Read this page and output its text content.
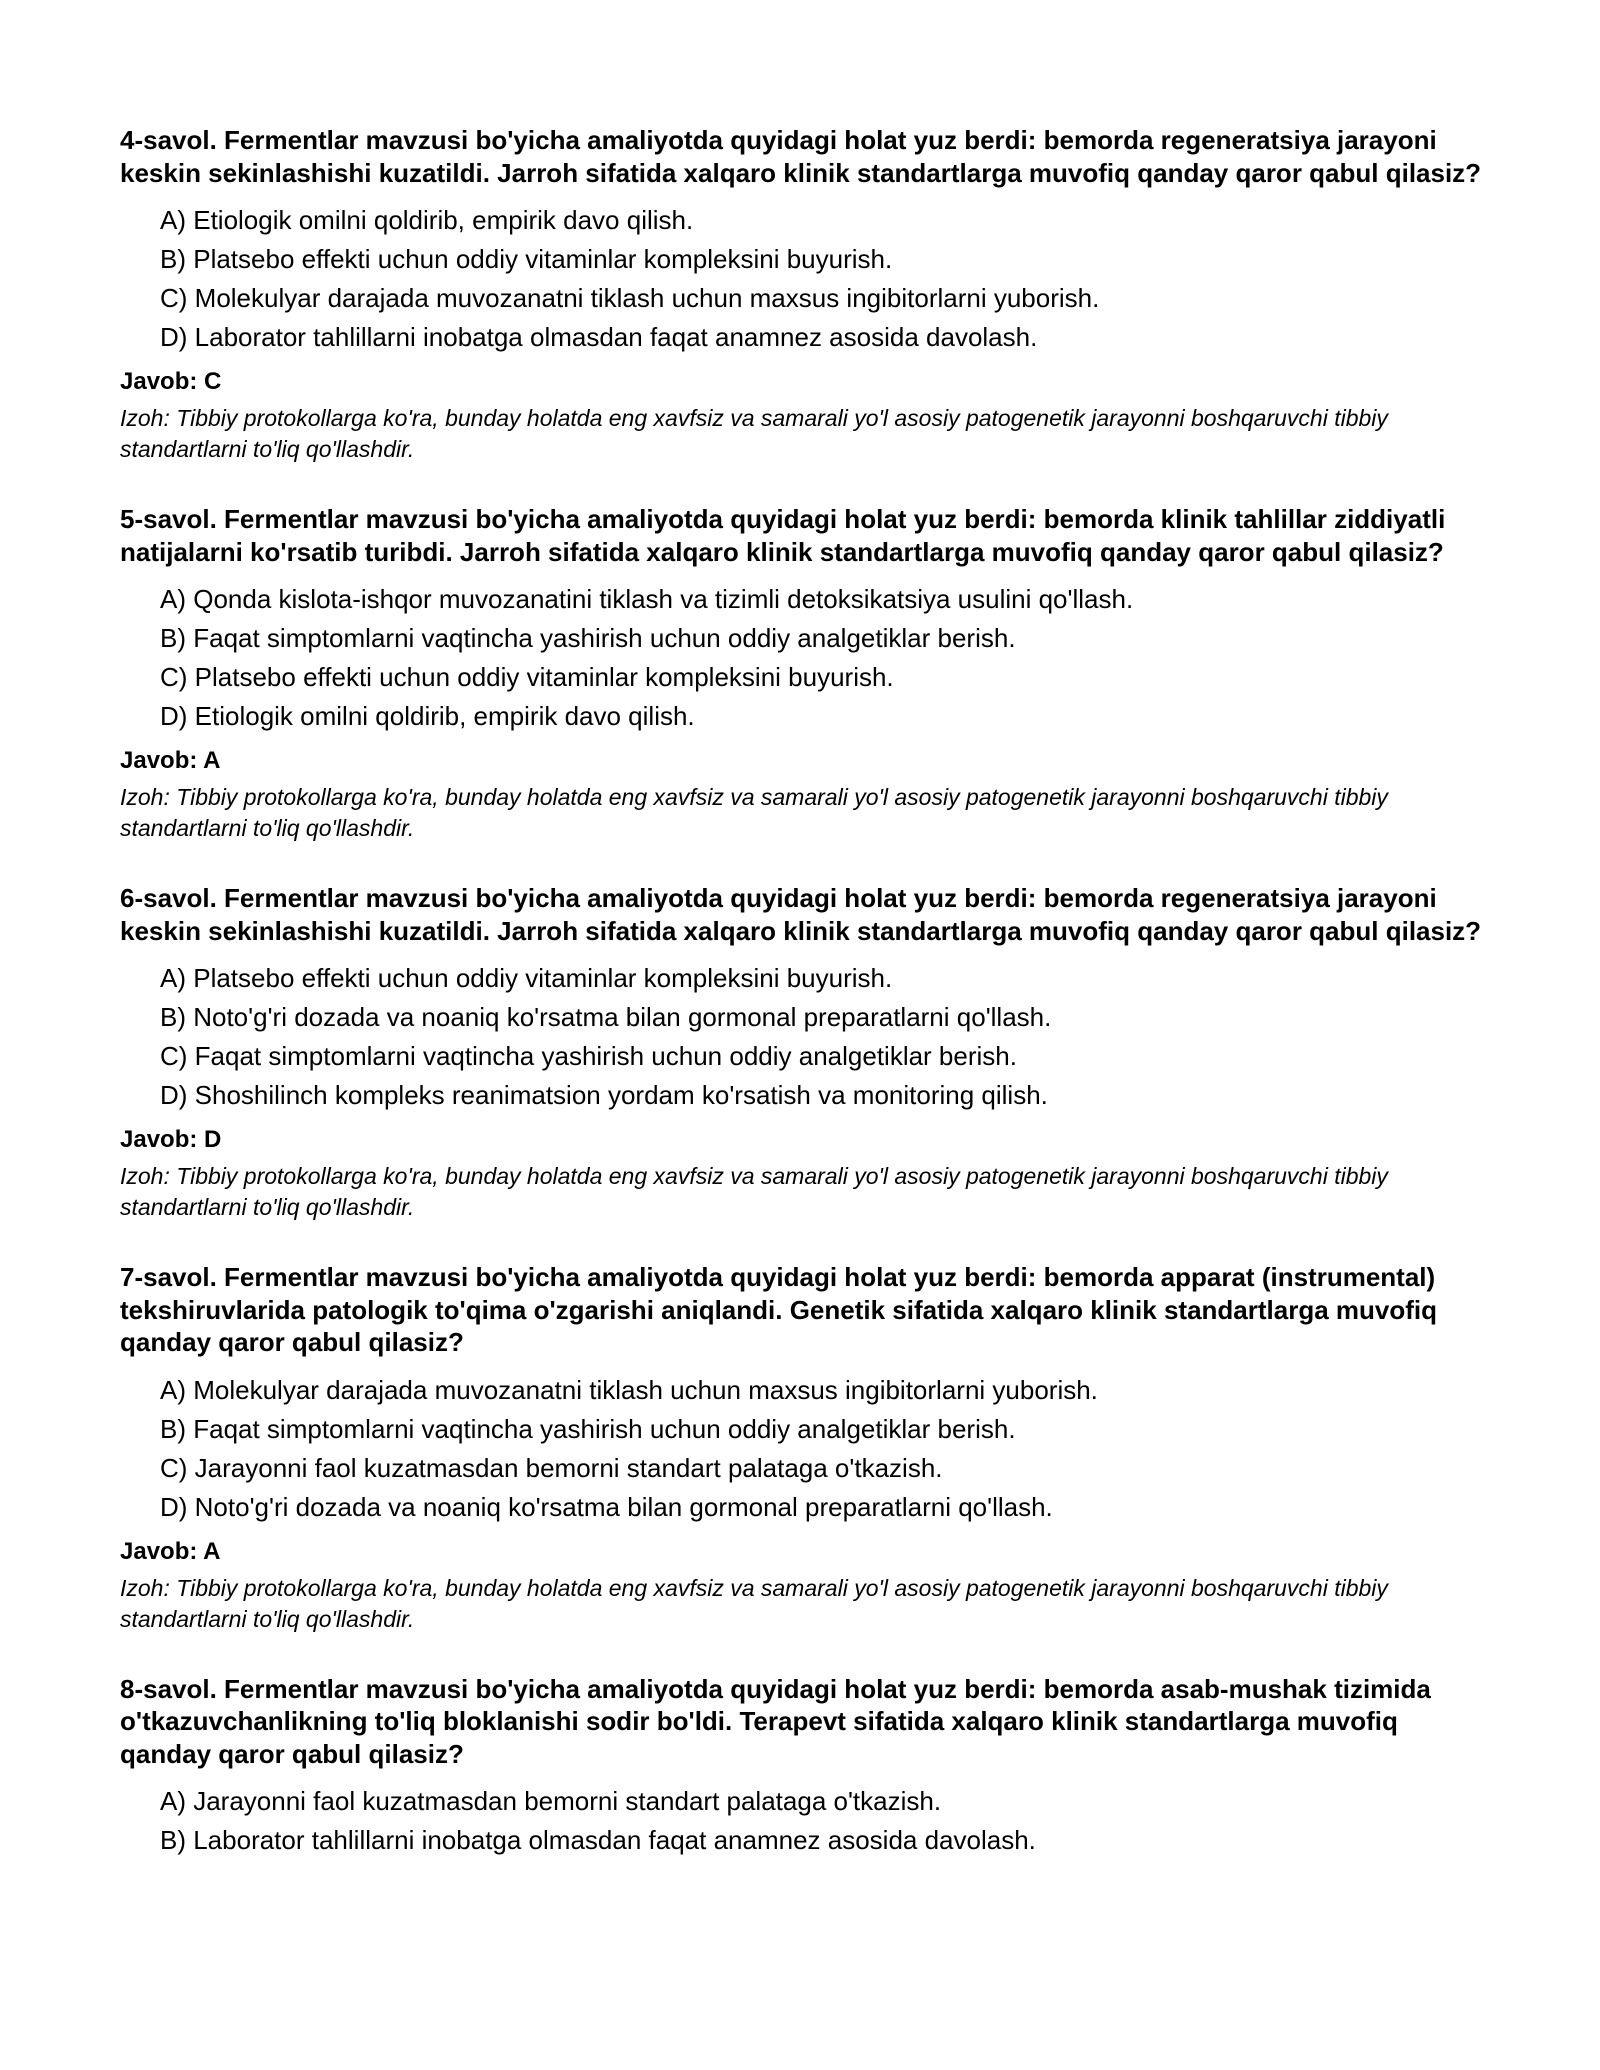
4-savol. Fermentlar mavzusi bo'yicha amaliyotda quyidagi holat yuz berdi: bemorda regeneratsiya jarayoni keskin sekinlashishi kuzatildi. Jarroh sifatida xalqaro klinik standartlarga muvofiq qanday qaror qabul qilasiz?

A) Etiologik omilni qoldirib, empirik davo qilish.
B) Platsebo effekti uchun oddiy vitaminlar kompleksini buyurish.
C) Molekulyar darajada muvozanatni tiklash uchun maxsus ingibitorlarni yuborish.
D) Laborator tahlillarni inobatga olmasdan faqat anamnez asosida davolash.

Javob: C

Izoh: Tibbiy protokollarga ko'ra, bunday holatda eng xavfsiz va samarali yo'l asosiy patogenetik jarayonni boshqaruvchi tibbiy standartlarni to'liq qo'llashdir.

5-savol. Fermentlar mavzusi bo'yicha amaliyotda quyidagi holat yuz berdi: bemorda klinik tahlillar ziddiyatli natijalarni ko'rsatib turibdi. Jarroh sifatida xalqaro klinik standartlarga muvofiq qanday qaror qabul qilasiz?

A) Qonda kislota-ishqor muvozanatini tiklash va tizimli detoksikatsiya usulini qo'llash.
B) Faqat simptomlarni vaqtincha yashirish uchun oddiy analgetiklar berish.
C) Platsebo effekti uchun oddiy vitaminlar kompleksini buyurish.
D) Etiologik omilni qoldirib, empirik davo qilish.

Javob: A

Izoh: Tibbiy protokollarga ko'ra, bunday holatda eng xavfsiz va samarali yo'l asosiy patogenetik jarayonni boshqaruvchi tibbiy standartlarni to'liq qo'llashdir.

6-savol. Fermentlar mavzusi bo'yicha amaliyotda quyidagi holat yuz berdi: bemorda regeneratsiya jarayoni keskin sekinlashishi kuzatildi. Jarroh sifatida xalqaro klinik standartlarga muvofiq qanday qaror qabul qilasiz?

A) Platsebo effekti uchun oddiy vitaminlar kompleksini buyurish.
B) Noto'g'ri dozada va noaniq ko'rsatma bilan gormonal preparatlarni qo'llash.
C) Faqat simptomlarni vaqtincha yashirish uchun oddiy analgetiklar berish.
D) Shoshilinch kompleks reanimatsion yordam ko'rsatish va monitoring qilish.

Javob: D

Izoh: Tibbiy protokollarga ko'ra, bunday holatda eng xavfsiz va samarali yo'l asosiy patogenetik jarayonni boshqaruvchi tibbiy standartlarni to'liq qo'llashdir.

7-savol. Fermentlar mavzusi bo'yicha amaliyotda quyidagi holat yuz berdi: bemorda apparat (instrumental) tekshiruvlarida patologik to'qima o'zgarishi aniqlandi. Genetik sifatida xalqaro klinik standartlarga muvofiq qanday qaror qabul qilasiz?

A) Molekulyar darajada muvozanatni tiklash uchun maxsus ingibitorlarni yuborish.
B) Faqat simptomlarni vaqtincha yashirish uchun oddiy analgetiklar berish.
C) Jarayonni faol kuzatmasdan bemorni standart palataga o'tkazish.
D) Noto'g'ri dozada va noaniq ko'rsatma bilan gormonal preparatlarni qo'llash.

Javob: A

Izoh: Tibbiy protokollarga ko'ra, bunday holatda eng xavfsiz va samarali yo'l asosiy patogenetik jarayonni boshqaruvchi tibbiy standartlarni to'liq qo'llashdir.

8-savol. Fermentlar mavzusi bo'yicha amaliyotda quyidagi holat yuz berdi: bemorda asab-mushak tizimida o'tkazuvchanlikning to'liq bloklanishi sodir bo'ldi. Terapevt sifatida xalqaro klinik standartlarga muvofiq qanday qaror qabul qilasiz?

A) Jarayonni faol kuzatmasdan bemorni standart palataga o'tkazish.
B) Laborator tahlillarni inobatga olmasdan faqat anamnez asosida davolash.
